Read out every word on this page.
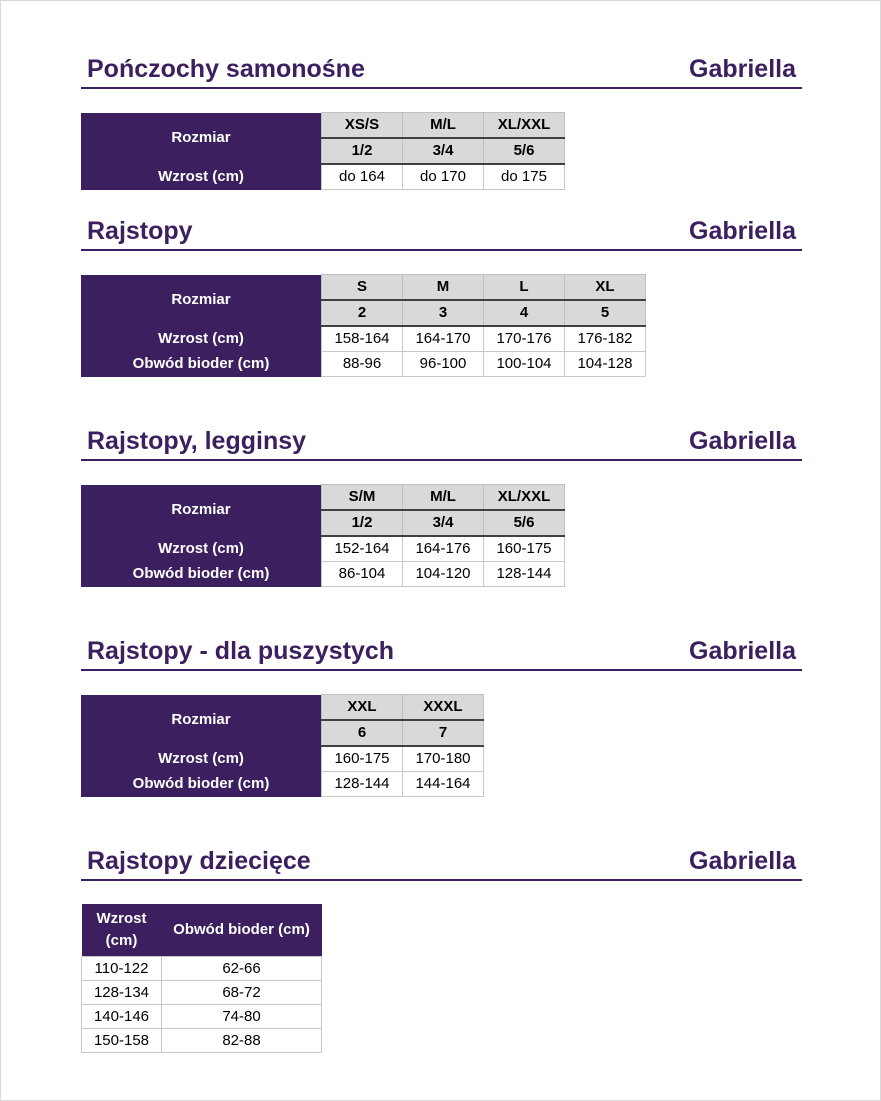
Pończochy samonośne	Gabriella
Rozmiar	XS/S	M/L	XL/XXL
	1/2	3/4	5/6
Wzrost (cm)	do 164	do 170	do 175
Rajstopy	Gabriella
Rozmiar	S	M	L	XL
	2	3	4	5
Wzrost (cm)	158-164	164-170	170-176	176-182
Obwód bioder (cm)	88-96	96-100	100-104	104-128
Rajstopy, legginsy	Gabriella
Rozmiar	S/M	M/L	XL/XXL
	1/2	3/4	5/6
Wzrost (cm)	152-164	164-176	160-175
Obwód bioder (cm)	86-104	104-120	128-144
Rajstopy - dla puszystych	Gabriella
Rozmiar	XXL	XXXL
	6	7
Wzrost (cm)	160-175	170-180
Obwód bioder (cm)	128-144	144-164
Rajstopy dziecięce	Gabriella
Wzrost (cm)	Obwód bioder (cm)
110-122	62-66
128-134	68-72
140-146	74-80
150-158	82-88
